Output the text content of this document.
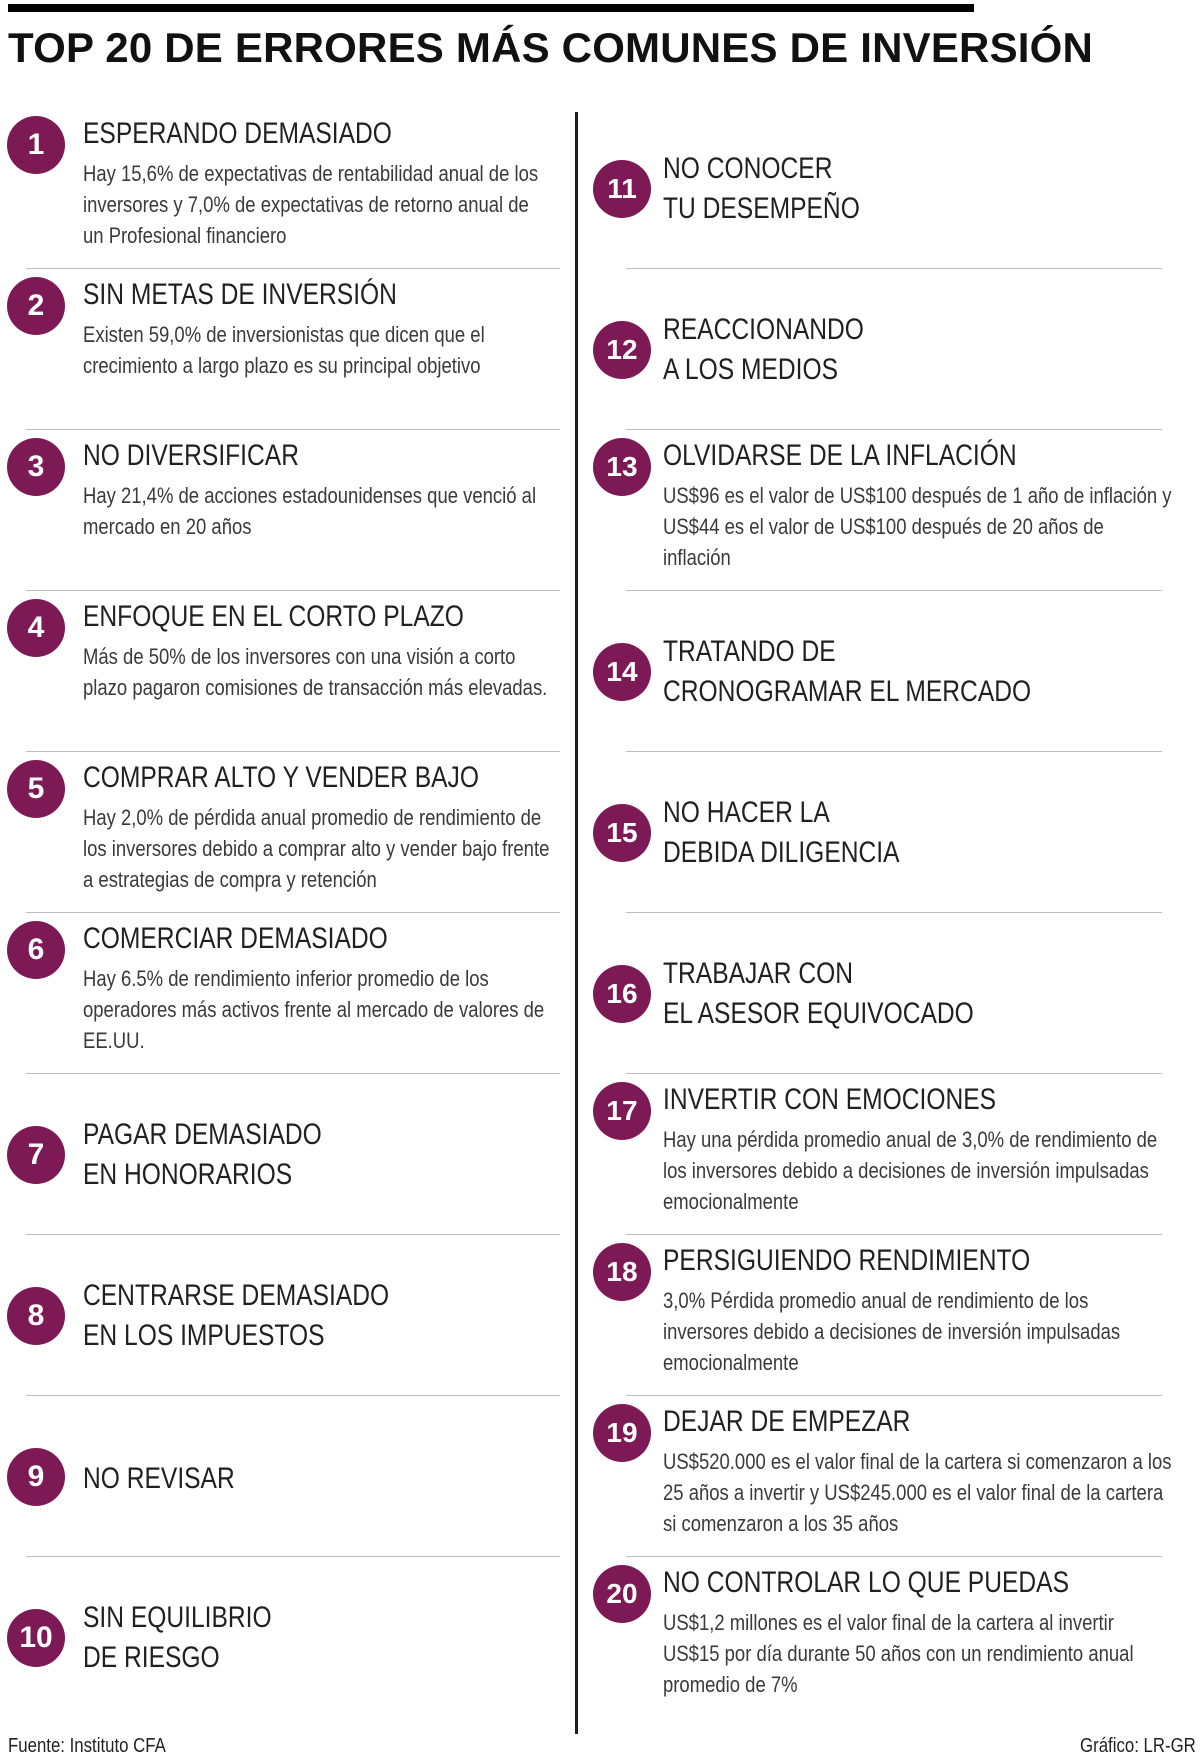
TOP 20 DE ERRORES MÁS COMUNES DE INVERSIÓN
1	ESPERANDO DEMASIADO
Hay 15,6% de expectativas de rentabilidad anual de los inversores y 7,0% de expectativas de retorno anual de un Profesional financiero
2	SIN METAS DE INVERSIÓN
Existen 59,0% de inversionistas que dicen que el crecimiento a largo plazo es su principal objetivo
3	NO DIVERSIFICAR
Hay 21,4% de acciones estadounidenses que venció al mercado en 20 años
4	ENFOQUE EN EL CORTO PLAZO
Más de 50% de los inversores con una visión a corto plazo pagaron comisiones de transacción más elevadas.
5	COMPRAR ALTO Y VENDER BAJO
Hay 2,0% de pérdida anual promedio de rendimiento de los inversores debido a comprar alto y vender bajo frente a estrategias de compra y retención
6	COMERCIAR DEMASIADO
Hay 6.5% de rendimiento inferior promedio de los operadores más activos frente al mercado de valores de EE.UU.
7
PAGAR DEMASIADO
EN HONORARIOS
8
CENTRARSE DEMASIADO
EN LOS IMPUESTOS
9	NO REVISAR
10
SIN EQUILIBRIO
DE RIESGO
11
NO CONOCER
TU DESEMPEÑO
12
REACCIONANDO
A LOS MEDIOS
13 OLVIDARSE DE LA INFLACIÓN
US$96 es el valor de US$100 después de 1 año de inflación y US$44 es el valor de US$100 después de 20 años de inflación
14
TRATANDO DE
CRONOGRAMAR EL MERCADO
15
NO HACER LA
DEBIDA DILIGENCIA
16
TRABAJAR CON
EL ASESOR EQUIVOCADO
17 INVERTIR CON EMOCIONES
Hay una pérdida promedio anual de 3,0% de rendimiento de los inversores debido a decisiones de inversión impulsadas emocionalmente
18 PERSIGUIENDO RENDIMIENTO
3,0% Pérdida promedio anual de rendimiento de los inversores debido a decisiones de inversión impulsadas emocionalmente
19 DEJAR DE EMPEZAR
US$520.000 es el valor final de la cartera si comenzaron a los 25 años a invertir y US$245.000 es el valor final de la cartera si comenzaron a los 35 años
20 NO CONTROLAR LO QUE PUEDAS
US$1,2 millones es el valor final de la cartera al invertir US$15 por día durante 50 años con un rendimiento anual promedio de 7%
Fuente: Instituto CFA	Gráfico: LR-GR
